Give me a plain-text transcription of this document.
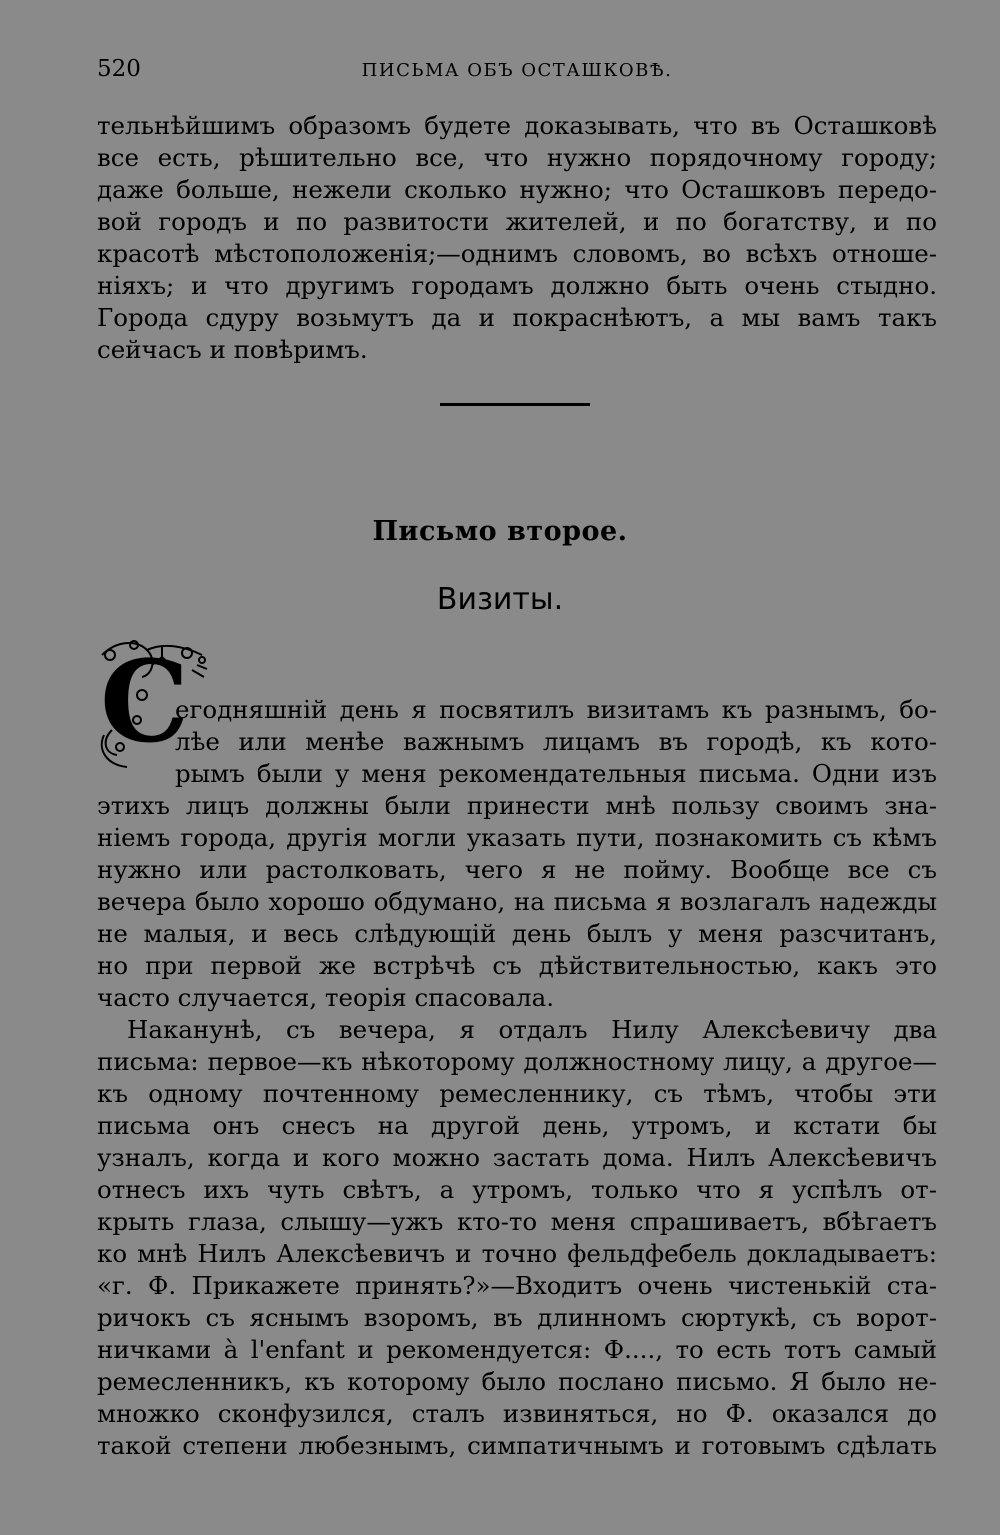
520	ПИСЬМА ОБЪ ОСТАШКОВѢ.
тельнѣйшимъ образомъ будете доказывать, что въ Осташковѣ
все есть, рѣшительно все, что нужно порядочному городу;
даже больше, нежели сколько нужно; что Осташковъ передо-
вой городъ и по развитости жителей, и по богатству, и по
красотѣ мѣстоположенія;—однимъ словомъ, во всѣхъ отноше-
ніяхъ; и что другимъ городамъ должно быть очень стыдно.
Города сдуру возьмутъ да и покраснѣютъ, а мы вамъ такъ
сейчасъ и повѣримъ.
Письмо второе.
Визиты.
С
егодняшній день я посвятилъ визитамъ къ разнымъ, бо-
лѣе или менѣе важнымъ лицамъ въ городѣ, къ кото-
рымъ были у меня рекомендательныя письма. Одни изъ
этихъ лицъ должны были принести мнѣ пользу своимъ зна-
ніемъ города, другія могли указать пути, познакомить съ кѣмъ
нужно или растолковать, чего я не пойму. Вообще все съ
вечера было хорошо обдумано, на письма я возлагалъ надежды
не малыя, и весь слѣдующій день былъ у меня разсчитанъ,
но при первой же встрѣчѣ съ дѣйствительностью, какъ это
часто случается, теорія спасовала.
Наканунѣ, съ вечера, я отдалъ Нилу Алексѣевичу два
письма: первое—къ нѣкоторому должностному лицу, а другое—
къ одному почтенному ремесленнику, съ тѣмъ, чтобы эти
письма онъ снесъ на другой день, утромъ, и кстати бы
узналъ, когда и кого можно застать дома. Нилъ Алексѣевичъ
отнесъ ихъ чуть свѣтъ, а утромъ, только что я успѣлъ от-
крыть глаза, слышу—ужъ кто-то меня спрашиваетъ, вбѣгаетъ
ко мнѣ Нилъ Алексѣевичъ и точно фельдфебель докладываетъ:
«г. Ф. Прикажете принять?»—Входитъ очень чистенькій ста-
ричокъ съ яснымъ взоромъ, въ длинномъ сюртукѣ, съ ворот-
ничками à l'enfant и рекомендуется: Ф...., то есть тотъ самый
ремесленникъ, къ которому было послано письмо. Я было не-
множко сконфузился, сталъ извиняться, но Ф. оказался до
такой степени любезнымъ, симпатичнымъ и готовымъ сдѣлать
